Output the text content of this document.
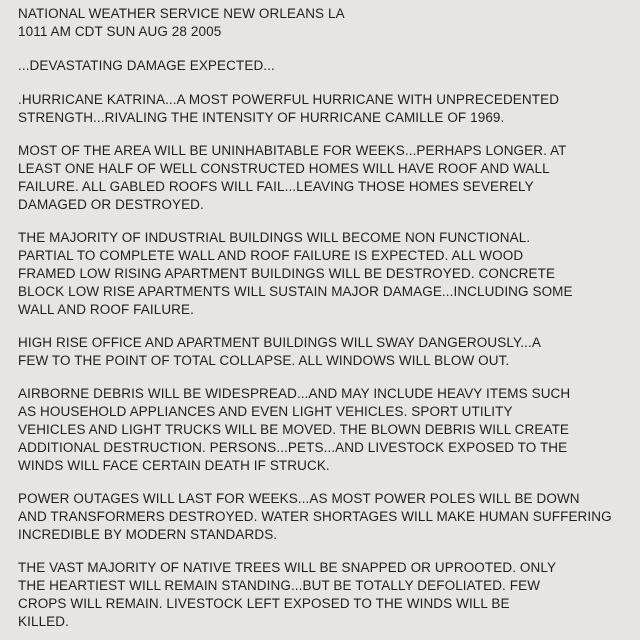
NATIONAL WEATHER SERVICE NEW ORLEANS LA
1011 AM CDT SUN AUG 28 2005
...DEVASTATING DAMAGE EXPECTED...
.HURRICANE KATRINA...A MOST POWERFUL HURRICANE WITH UNPRECEDENTED
STRENGTH...RIVALING THE INTENSITY OF HURRICANE CAMILLE OF 1969.
MOST OF THE AREA WILL BE UNINHABITABLE FOR WEEKS...PERHAPS LONGER. AT
LEAST ONE HALF OF WELL CONSTRUCTED HOMES WILL HAVE ROOF AND WALL
FAILURE. ALL GABLED ROOFS WILL FAIL...LEAVING THOSE HOMES SEVERELY
DAMAGED OR DESTROYED.
THE MAJORITY OF INDUSTRIAL BUILDINGS WILL BECOME NON FUNCTIONAL.
PARTIAL TO COMPLETE WALL AND ROOF FAILURE IS EXPECTED. ALL WOOD
FRAMED LOW RISING APARTMENT BUILDINGS WILL BE DESTROYED. CONCRETE
BLOCK LOW RISE APARTMENTS WILL SUSTAIN MAJOR DAMAGE...INCLUDING SOME
WALL AND ROOF FAILURE.
HIGH RISE OFFICE AND APARTMENT BUILDINGS WILL SWAY DANGEROUSLY...A
FEW TO THE POINT OF TOTAL COLLAPSE. ALL WINDOWS WILL BLOW OUT.
AIRBORNE DEBRIS WILL BE WIDESPREAD...AND MAY INCLUDE HEAVY ITEMS SUCH
AS HOUSEHOLD APPLIANCES AND EVEN LIGHT VEHICLES. SPORT UTILITY
VEHICLES AND LIGHT TRUCKS WILL BE MOVED. THE BLOWN DEBRIS WILL CREATE
ADDITIONAL DESTRUCTION. PERSONS...PETS...AND LIVESTOCK EXPOSED TO THE
WINDS WILL FACE CERTAIN DEATH IF STRUCK.
POWER OUTAGES WILL LAST FOR WEEKS...AS MOST POWER POLES WILL BE DOWN
AND TRANSFORMERS DESTROYED. WATER SHORTAGES WILL MAKE HUMAN SUFFERING
INCREDIBLE BY MODERN STANDARDS.
THE VAST MAJORITY OF NATIVE TREES WILL BE SNAPPED OR UPROOTED. ONLY
THE HEARTIEST WILL REMAIN STANDING...BUT BE TOTALLY DEFOLIATED. FEW
CROPS WILL REMAIN. LIVESTOCK LEFT EXPOSED TO THE WINDS WILL BE
KILLED.
